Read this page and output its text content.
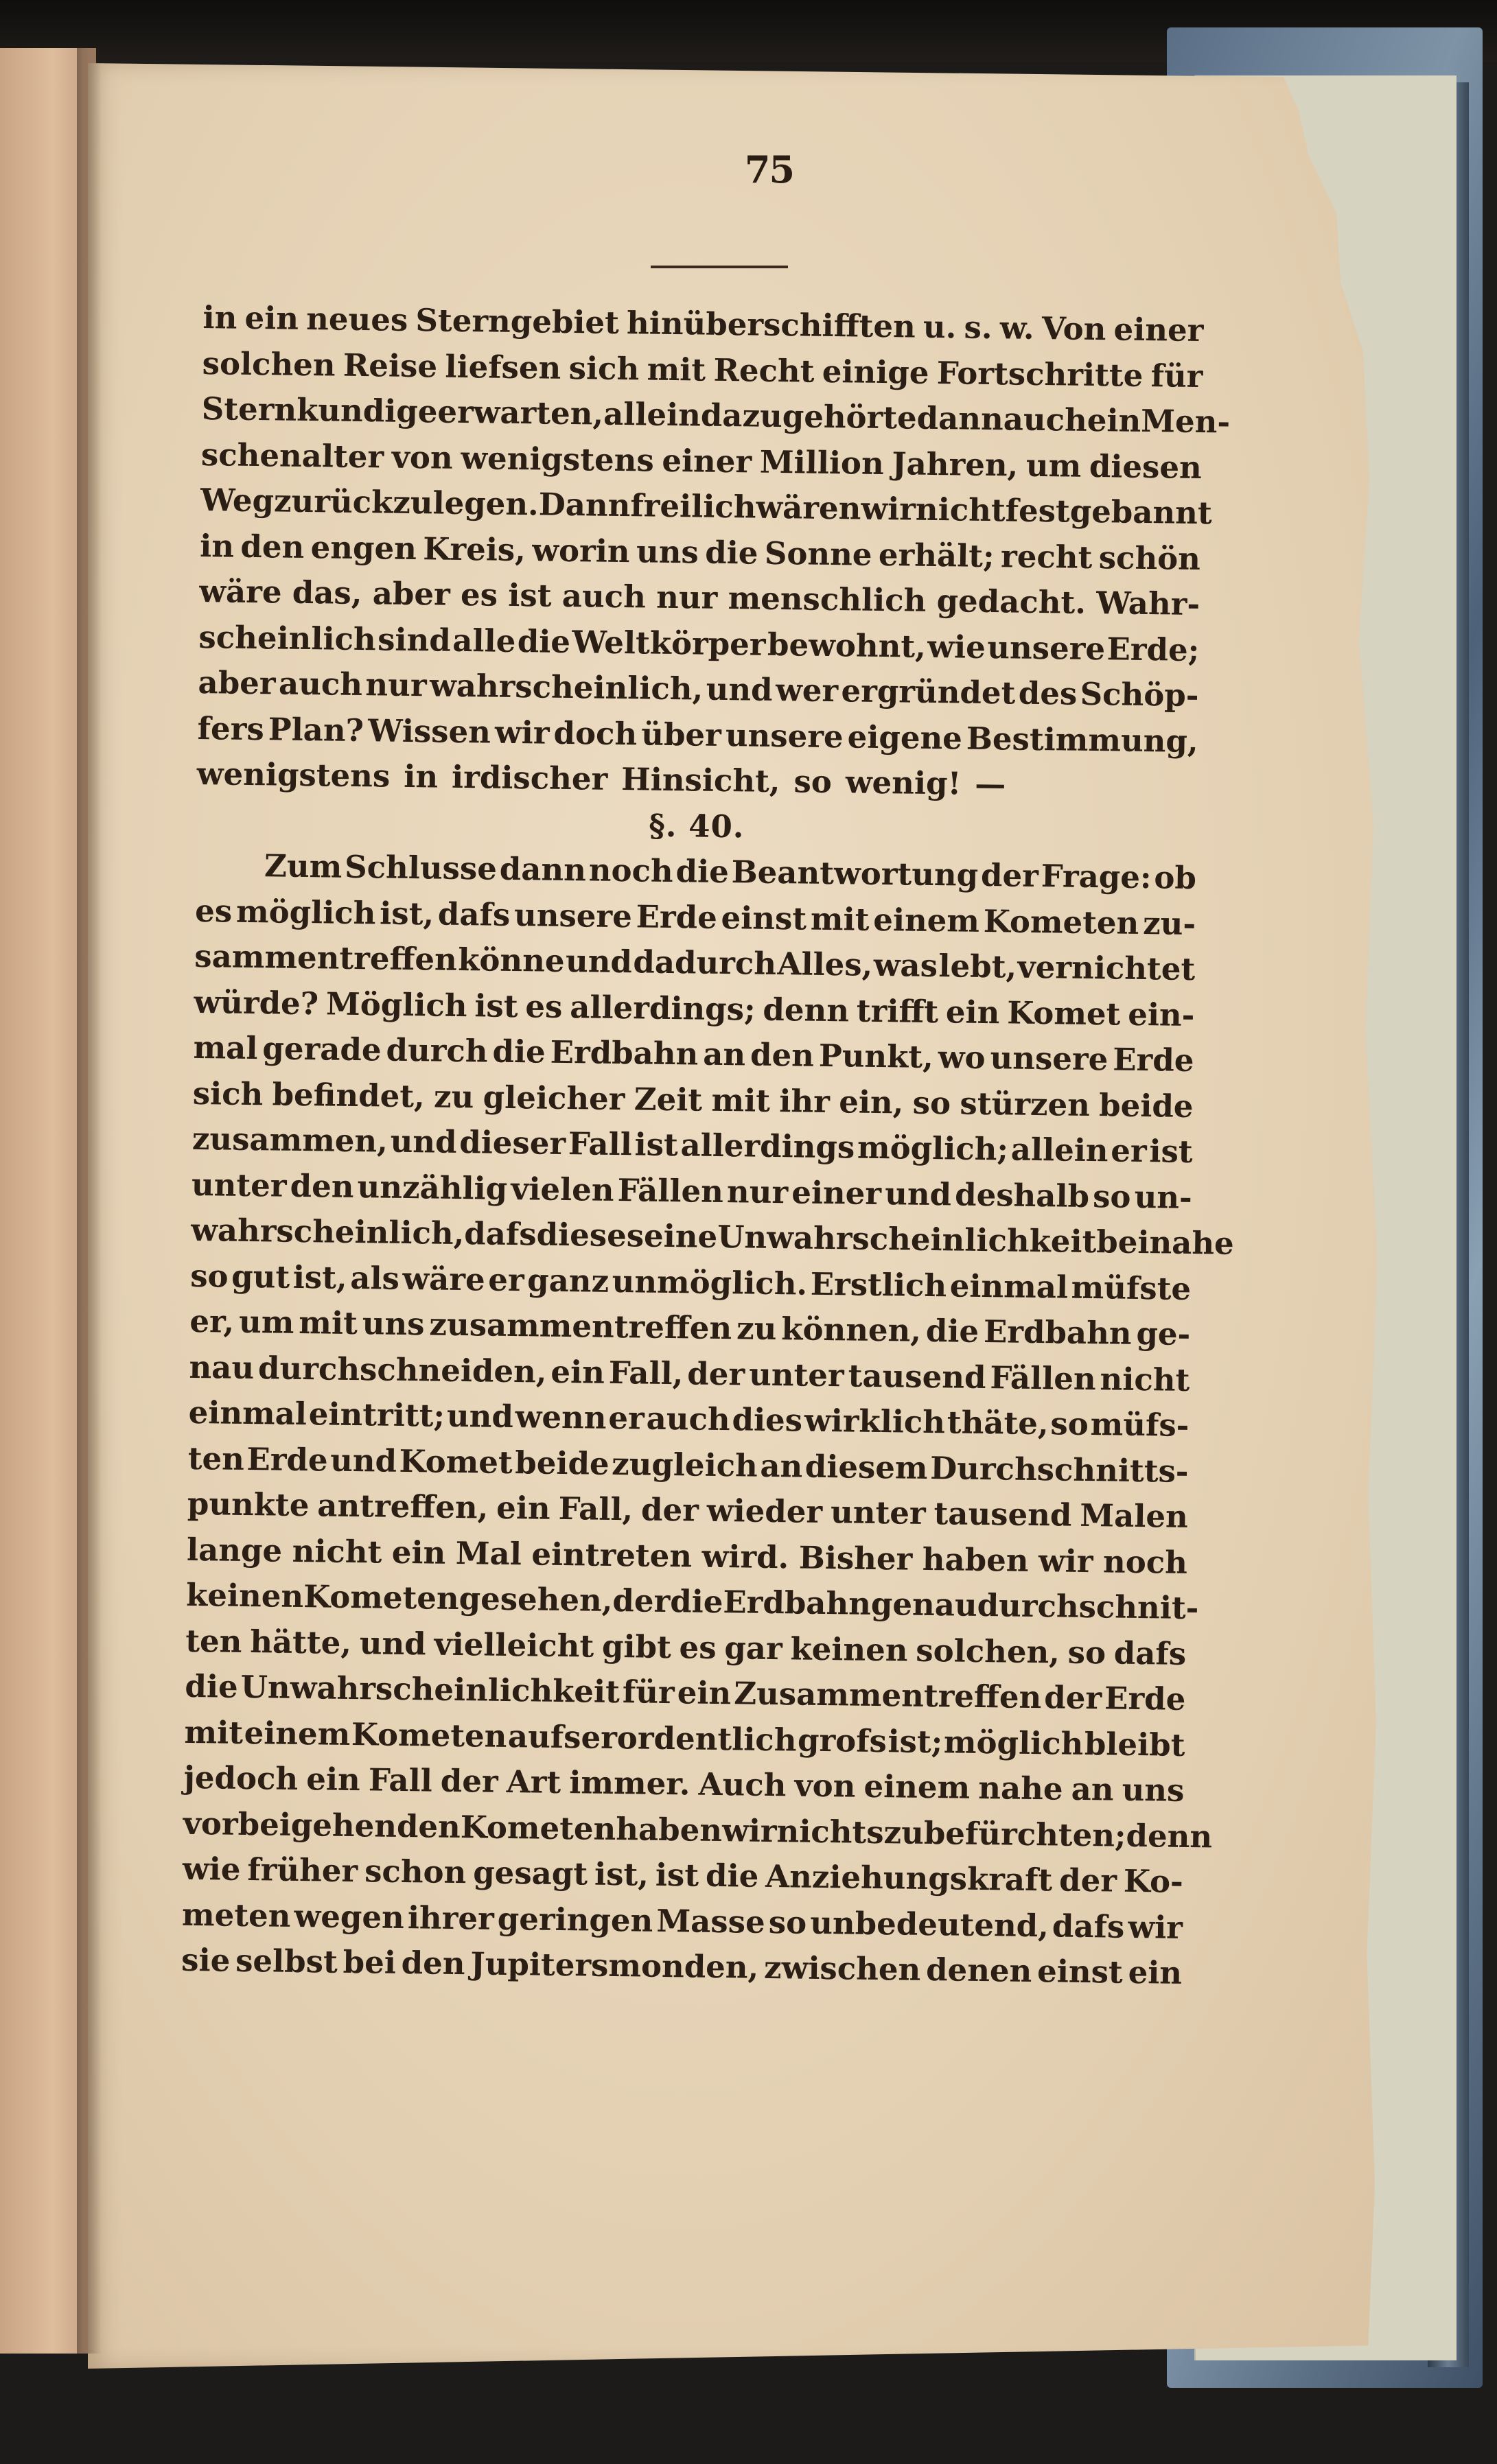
75
in ein neues Sterngebiet hinüberschifften u. s. w. Von einer
solchen Reise liefsen sich mit Recht einige Fortschritte für
Sternkundige erwarten, allein dazu gehörte dann auch ein Men-
schenalter von wenigstens einer Million Jahren, um diesen
Weg zurückzulegen. Dann freilich wären wir nicht festgebannt
in den engen Kreis, worin uns die Sonne erhält; recht schön
wäre das, aber es ist auch nur menschlich gedacht. Wahr-
scheinlich sind alle die Weltkörper bewohnt, wie unsere Erde;
aber auch nur wahrscheinlich, und wer ergründet des Schöp-
fers Plan? Wissen wir doch über unsere eigene Bestimmung,
wenigstens in irdischer Hinsicht, so wenig! —
§. 40.
Zum Schlusse dann noch die Beantwortung der Frage: ob
es möglich ist, dafs unsere Erde einst mit einem Kometen zu-
sammentreffen könne und dadurch Alles, was lebt, vernichtet
würde? Möglich ist es allerdings; denn trifft ein Komet ein-
mal gerade durch die Erdbahn an den Punkt, wo unsere Erde
sich befindet, zu gleicher Zeit mit ihr ein, so stürzen beide
zusammen, und dieser Fall ist allerdings möglich; allein er ist
unter den unzählig vielen Fällen nur einer und deshalb so un-
wahrscheinlich, dafs diese seine Unwahrscheinlichkeit beinahe
so gut ist, als wäre er ganz unmöglich. Erstlich einmal müfste
er, um mit uns zusammentreffen zu können, die Erdbahn ge-
nau durchschneiden, ein Fall, der unter tausend Fällen nicht
einmal eintritt; und wenn er auch dies wirklich thäte, so müfs-
ten Erde und Komet beide zugleich an diesem Durchschnitts-
punkte antreffen, ein Fall, der wieder unter tausend Malen
lange nicht ein Mal eintreten wird. Bisher haben wir noch
keinen Kometen gesehen, der die Erdbahn genau durchschnit-
ten hätte, und vielleicht gibt es gar keinen solchen, so dafs
die Unwahrscheinlichkeit für ein Zusammentreffen der Erde
mit einem Kometen aufserordentlich grofs ist; möglich bleibt
jedoch ein Fall der Art immer. Auch von einem nahe an uns
vorbeigehenden Kometen haben wir nichts zu befürchten; denn
wie früher schon gesagt ist, ist die Anziehungskraft der Ko-
meten wegen ihrer geringen Masse so unbedeutend, dafs wir
sie selbst bei den Jupitersmonden, zwischen denen einst ein
